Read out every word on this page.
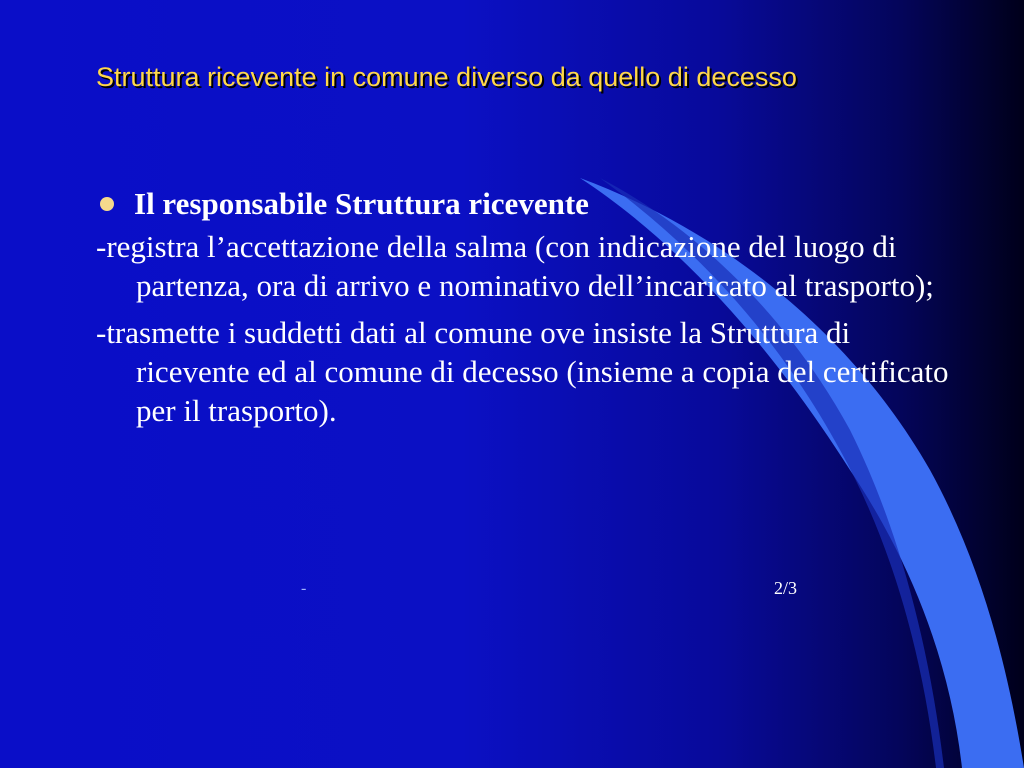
Struttura ricevente in comune diverso da quello di decesso
Il responsabile Struttura ricevente
-registra l’accettazione della salma (con indicazione del luogo di partenza, ora di arrivo e nominativo dell’incaricato al trasporto);
-trasmette i suddetti dati al comune ove insiste la Struttura di ricevente ed al comune di decesso (insieme a copia del certificato per il trasporto).
-	2/3
